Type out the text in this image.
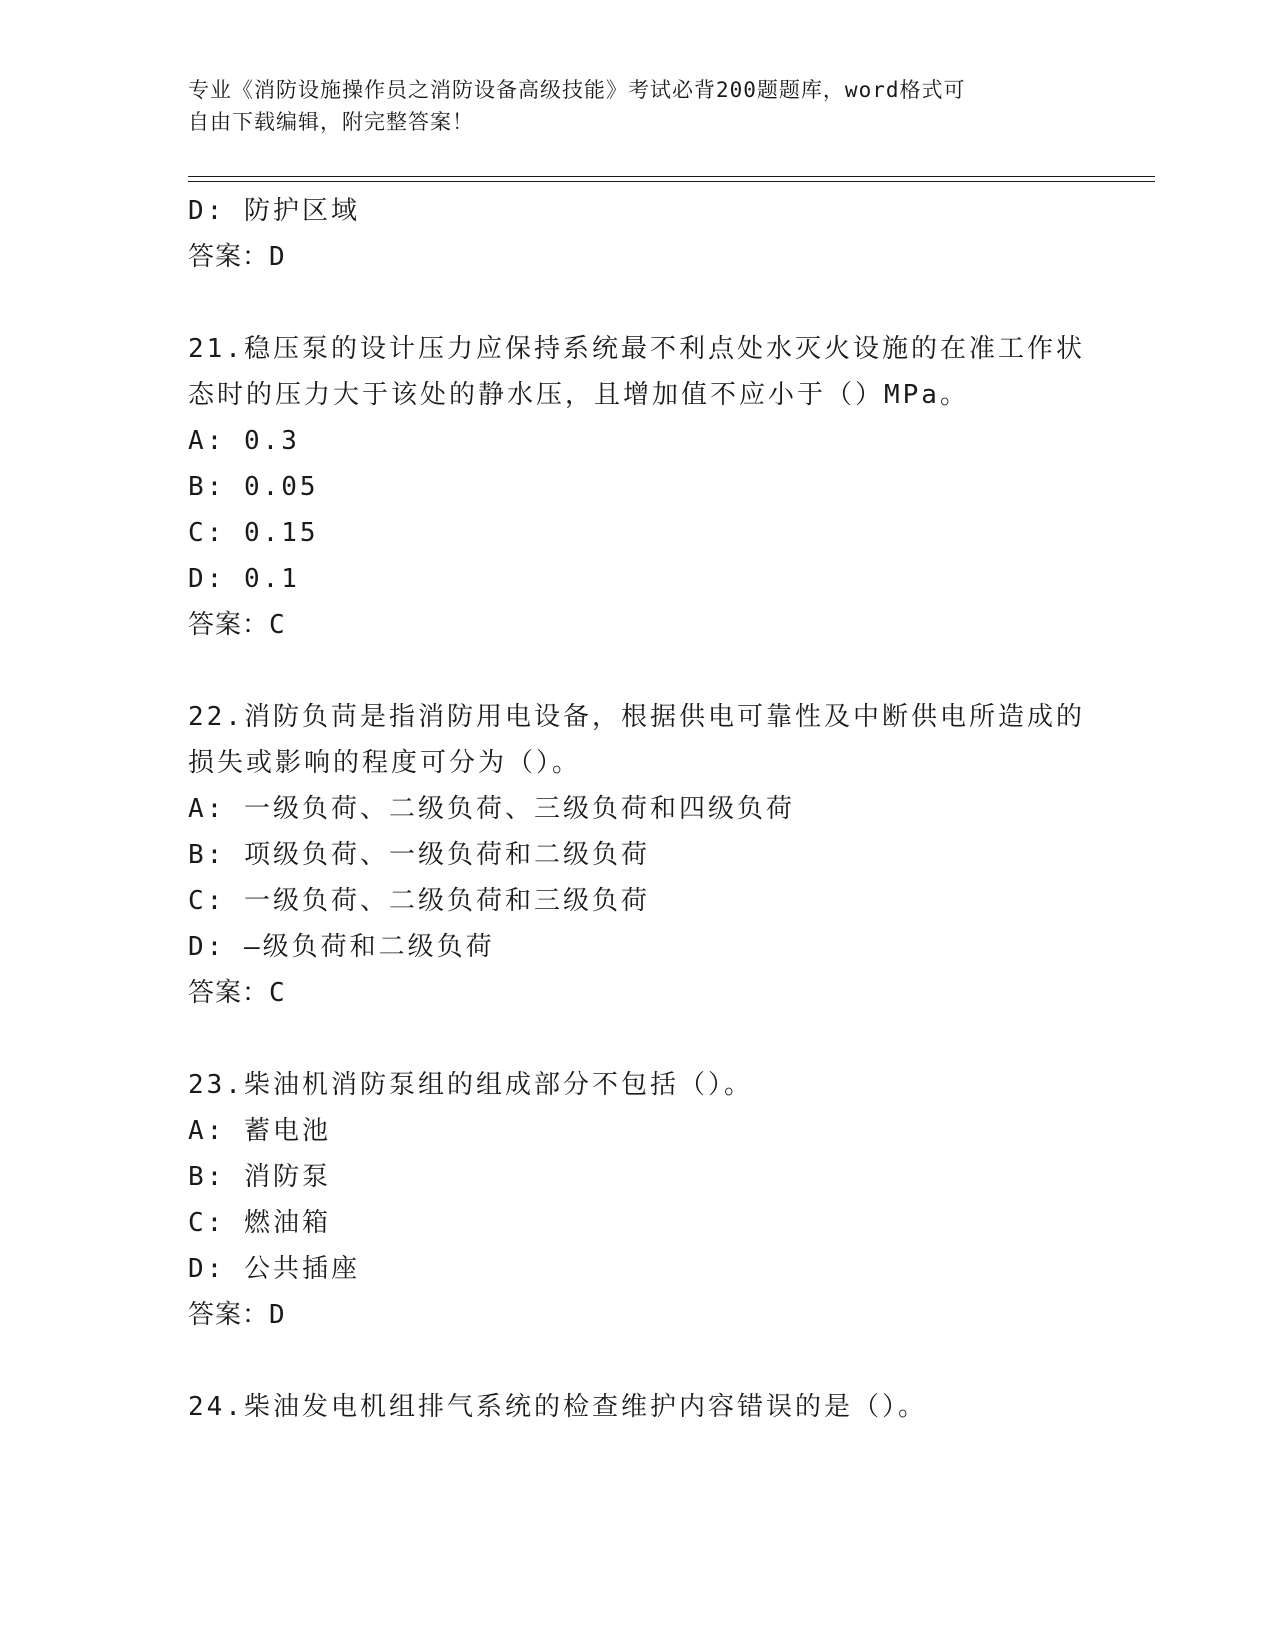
专业《消防设施操作员之消防设备高级技能》考试必背200题题库，word格式可
自由下载编辑，附完整答案！
D: 防护区域
答案：D
21.稳压泵的设计压力应保持系统最不利点处水灭火设施的在准工作状
态时的压力大于该处的静水压，且增加值不应小于（）MPa。
A: 0.3
B: 0.05
C: 0.15
D: 0.1
答案：C
22.消防负苘是指消防用电设备，根据供电可靠性及中断供电所造成的
损失或影响的程度可分为（）。
A: 一级负荷、二级负荷、三级负荷和四级负荷
B: 项级负荷、一级负荷和二级负荷
C: 一级负荷、二级负荷和三级负荷
D: —级负荷和二级负荷
答案：C
23.柴油机消防泵组的组成部分不包括（）。
A: 蓄电池
B: 消防泵
C: 燃油箱
D: 公共插座
答案：D
24.柴油发电机组排气系统的检查维护内容错误的是（）。
